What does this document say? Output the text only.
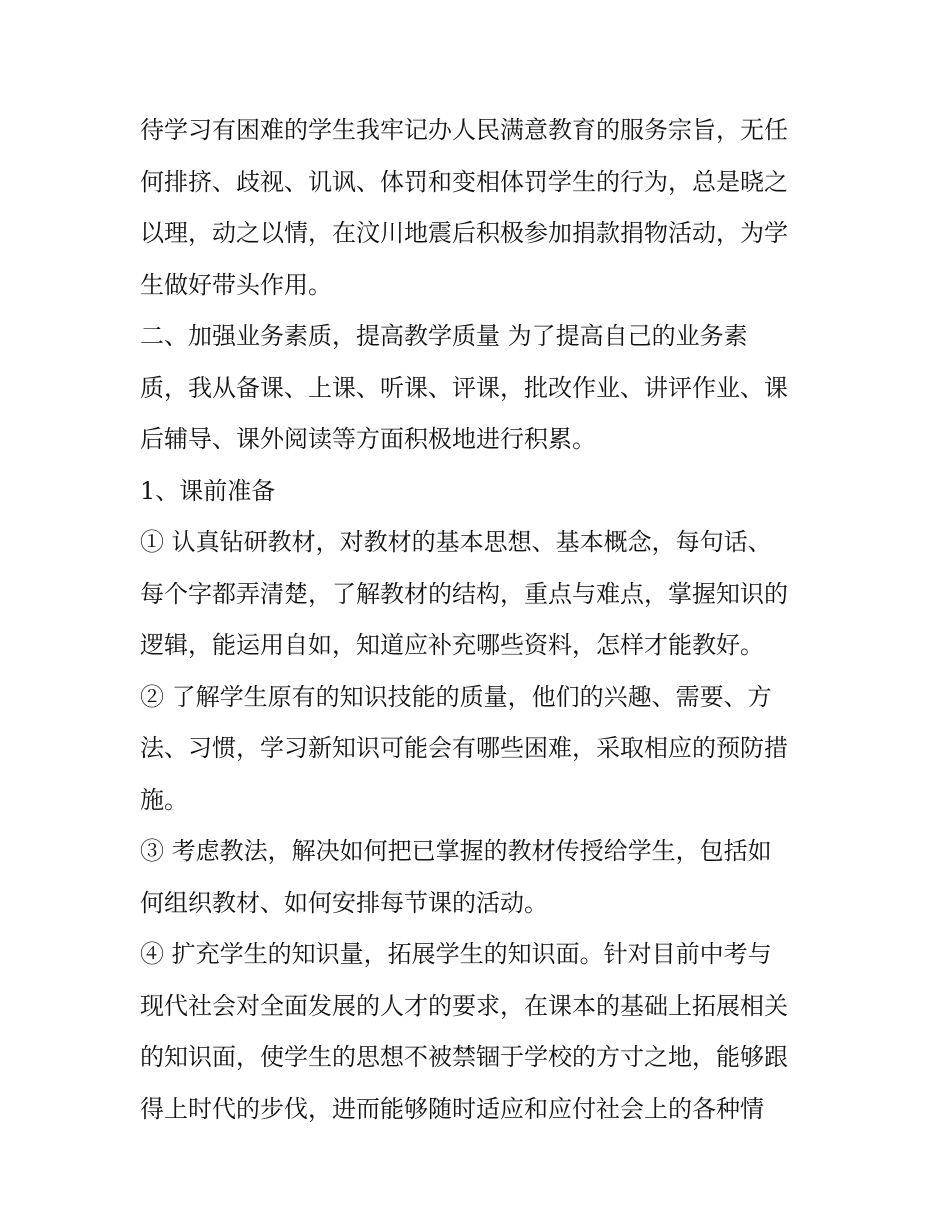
待学习有困难的学生我牢记办人民满意教育的服务宗旨，无任
何排挤、歧视、讥讽、体罚和变相体罚学生的行为，总是晓之
以理，动之以情，在汶川地震后积极参加捐款捐物活动，为学
生做好带头作用。
二、加强业务素质，提高教学质量 为了提高自己的业务素
质，我从备课、上课、听课、评课，批改作业、讲评作业、课
后辅导、课外阅读等方面积极地进行积累。
1、课前准备
① 认真钻研教材，对教材的基本思想、基本概念，每句话、
每个字都弄清楚，了解教材的结构，重点与难点，掌握知识的
逻辑，能运用自如，知道应补充哪些资料，怎样才能教好。
② 了解学生原有的知识技能的质量，他们的兴趣、需要、方
法、习惯，学习新知识可能会有哪些困难，采取相应的预防措
施。
③ 考虑教法，解决如何把已掌握的教材传授给学生，包括如
何组织教材、如何安排每节课的活动。
④ 扩充学生的知识量，拓展学生的知识面。针对目前中考与
现代社会对全面发展的人才的要求，在课本的基础上拓展相关
的知识面，使学生的思想不被禁锢于学校的方寸之地，能够跟
得上时代的步伐，进而能够随时适应和应付社会上的各种情
